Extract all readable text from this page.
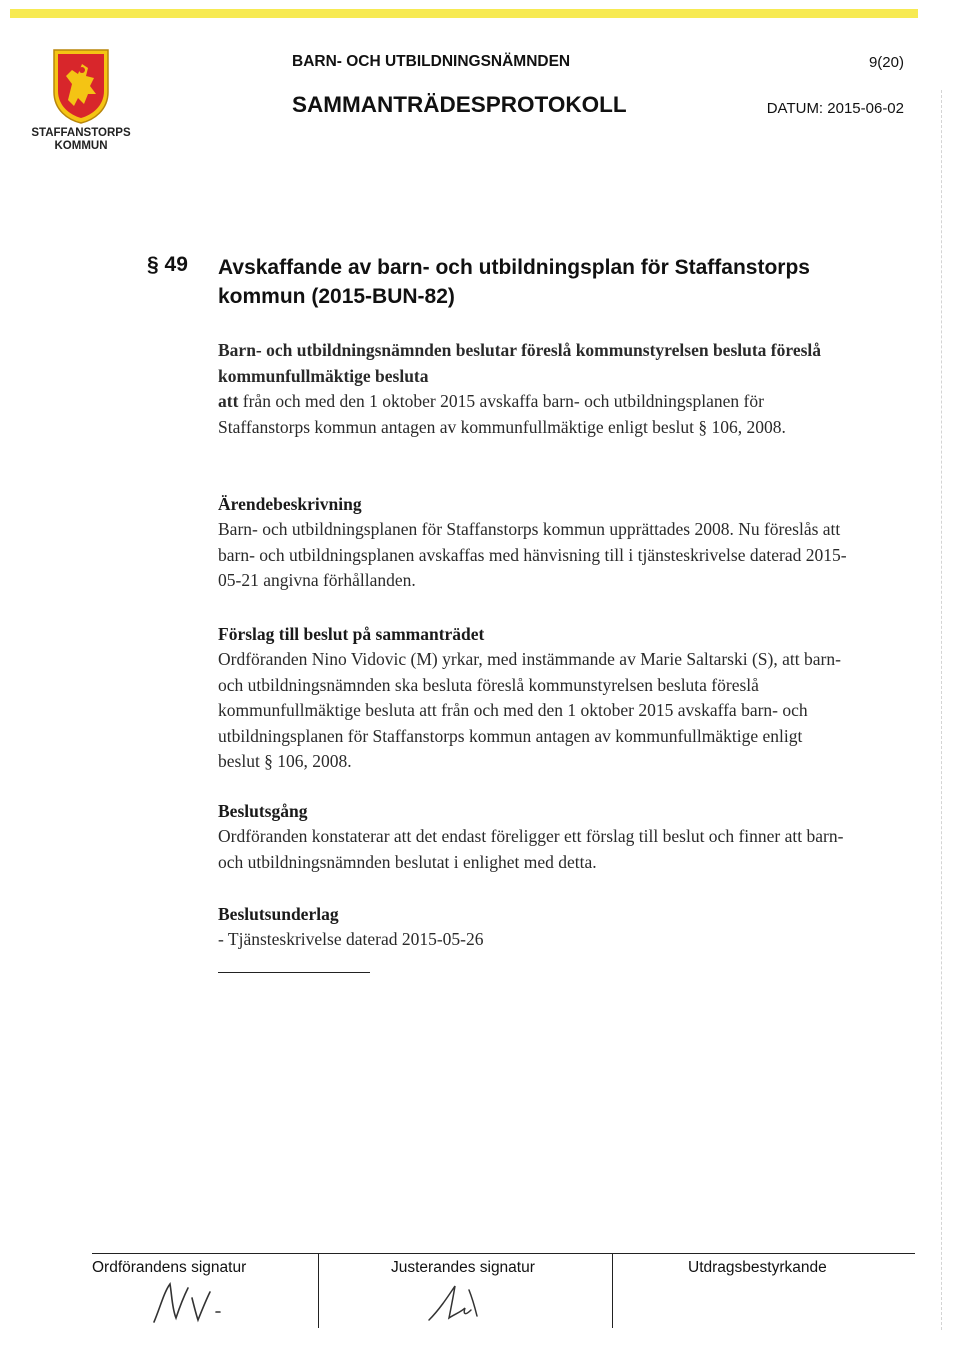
STAFFANSTORPS
KOMMUN
BARN- OCH UTBILDNINGSNÄMNDEN	9(20)
SAMMANTRÄDESPROTOKOLL	DATUM: 2015-06-02
§ 49 Avskaffande av barn- och utbildningsplan för Staffanstorps kommun (2015-BUN-82)

Barn- och utbildningsnämnden beslutar föreslå kommunstyrelsen besluta föreslå kommunfullmäktige besluta

att från och med den 1 oktober 2015 avskaffa barn- och utbildningsplanen för Staffanstorps kommun antagen av kommunfullmäktige enligt beslut § 106, 2008.

Ärendebeskrivning

Barn- och utbildningsplanen för Staffanstorps kommun upprättades 2008. Nu föreslås att barn- och utbildningsplanen avskaffas med hänvisning till i tjänsteskrivelse daterad 2015-05-21 angivna förhållanden.

Förslag till beslut på sammanträdet

Ordföranden Nino Vidovic (M) yrkar, med instämmande av Marie Saltarski (S), att barn- och utbildningsnämnden ska besluta föreslå kommunstyrelsen besluta föreslå kommunfullmäktige besluta att från och med den 1 oktober 2015 avskaffa barn- och utbildningsplanen för Staffanstorps kommun antagen av kommunfullmäktige enligt beslut § 106, 2008.

Beslutsgång

Ordföranden konstaterar att det endast föreligger ett förslag till beslut och finner att barn- och utbildningsnämnden beslutat i enlighet med detta.

Beslutsunderlag

- Tjänsteskrivelse daterad 2015-05-26

Ordförandens signatur	Justerandes signatur	Utdragsbestyrkande
